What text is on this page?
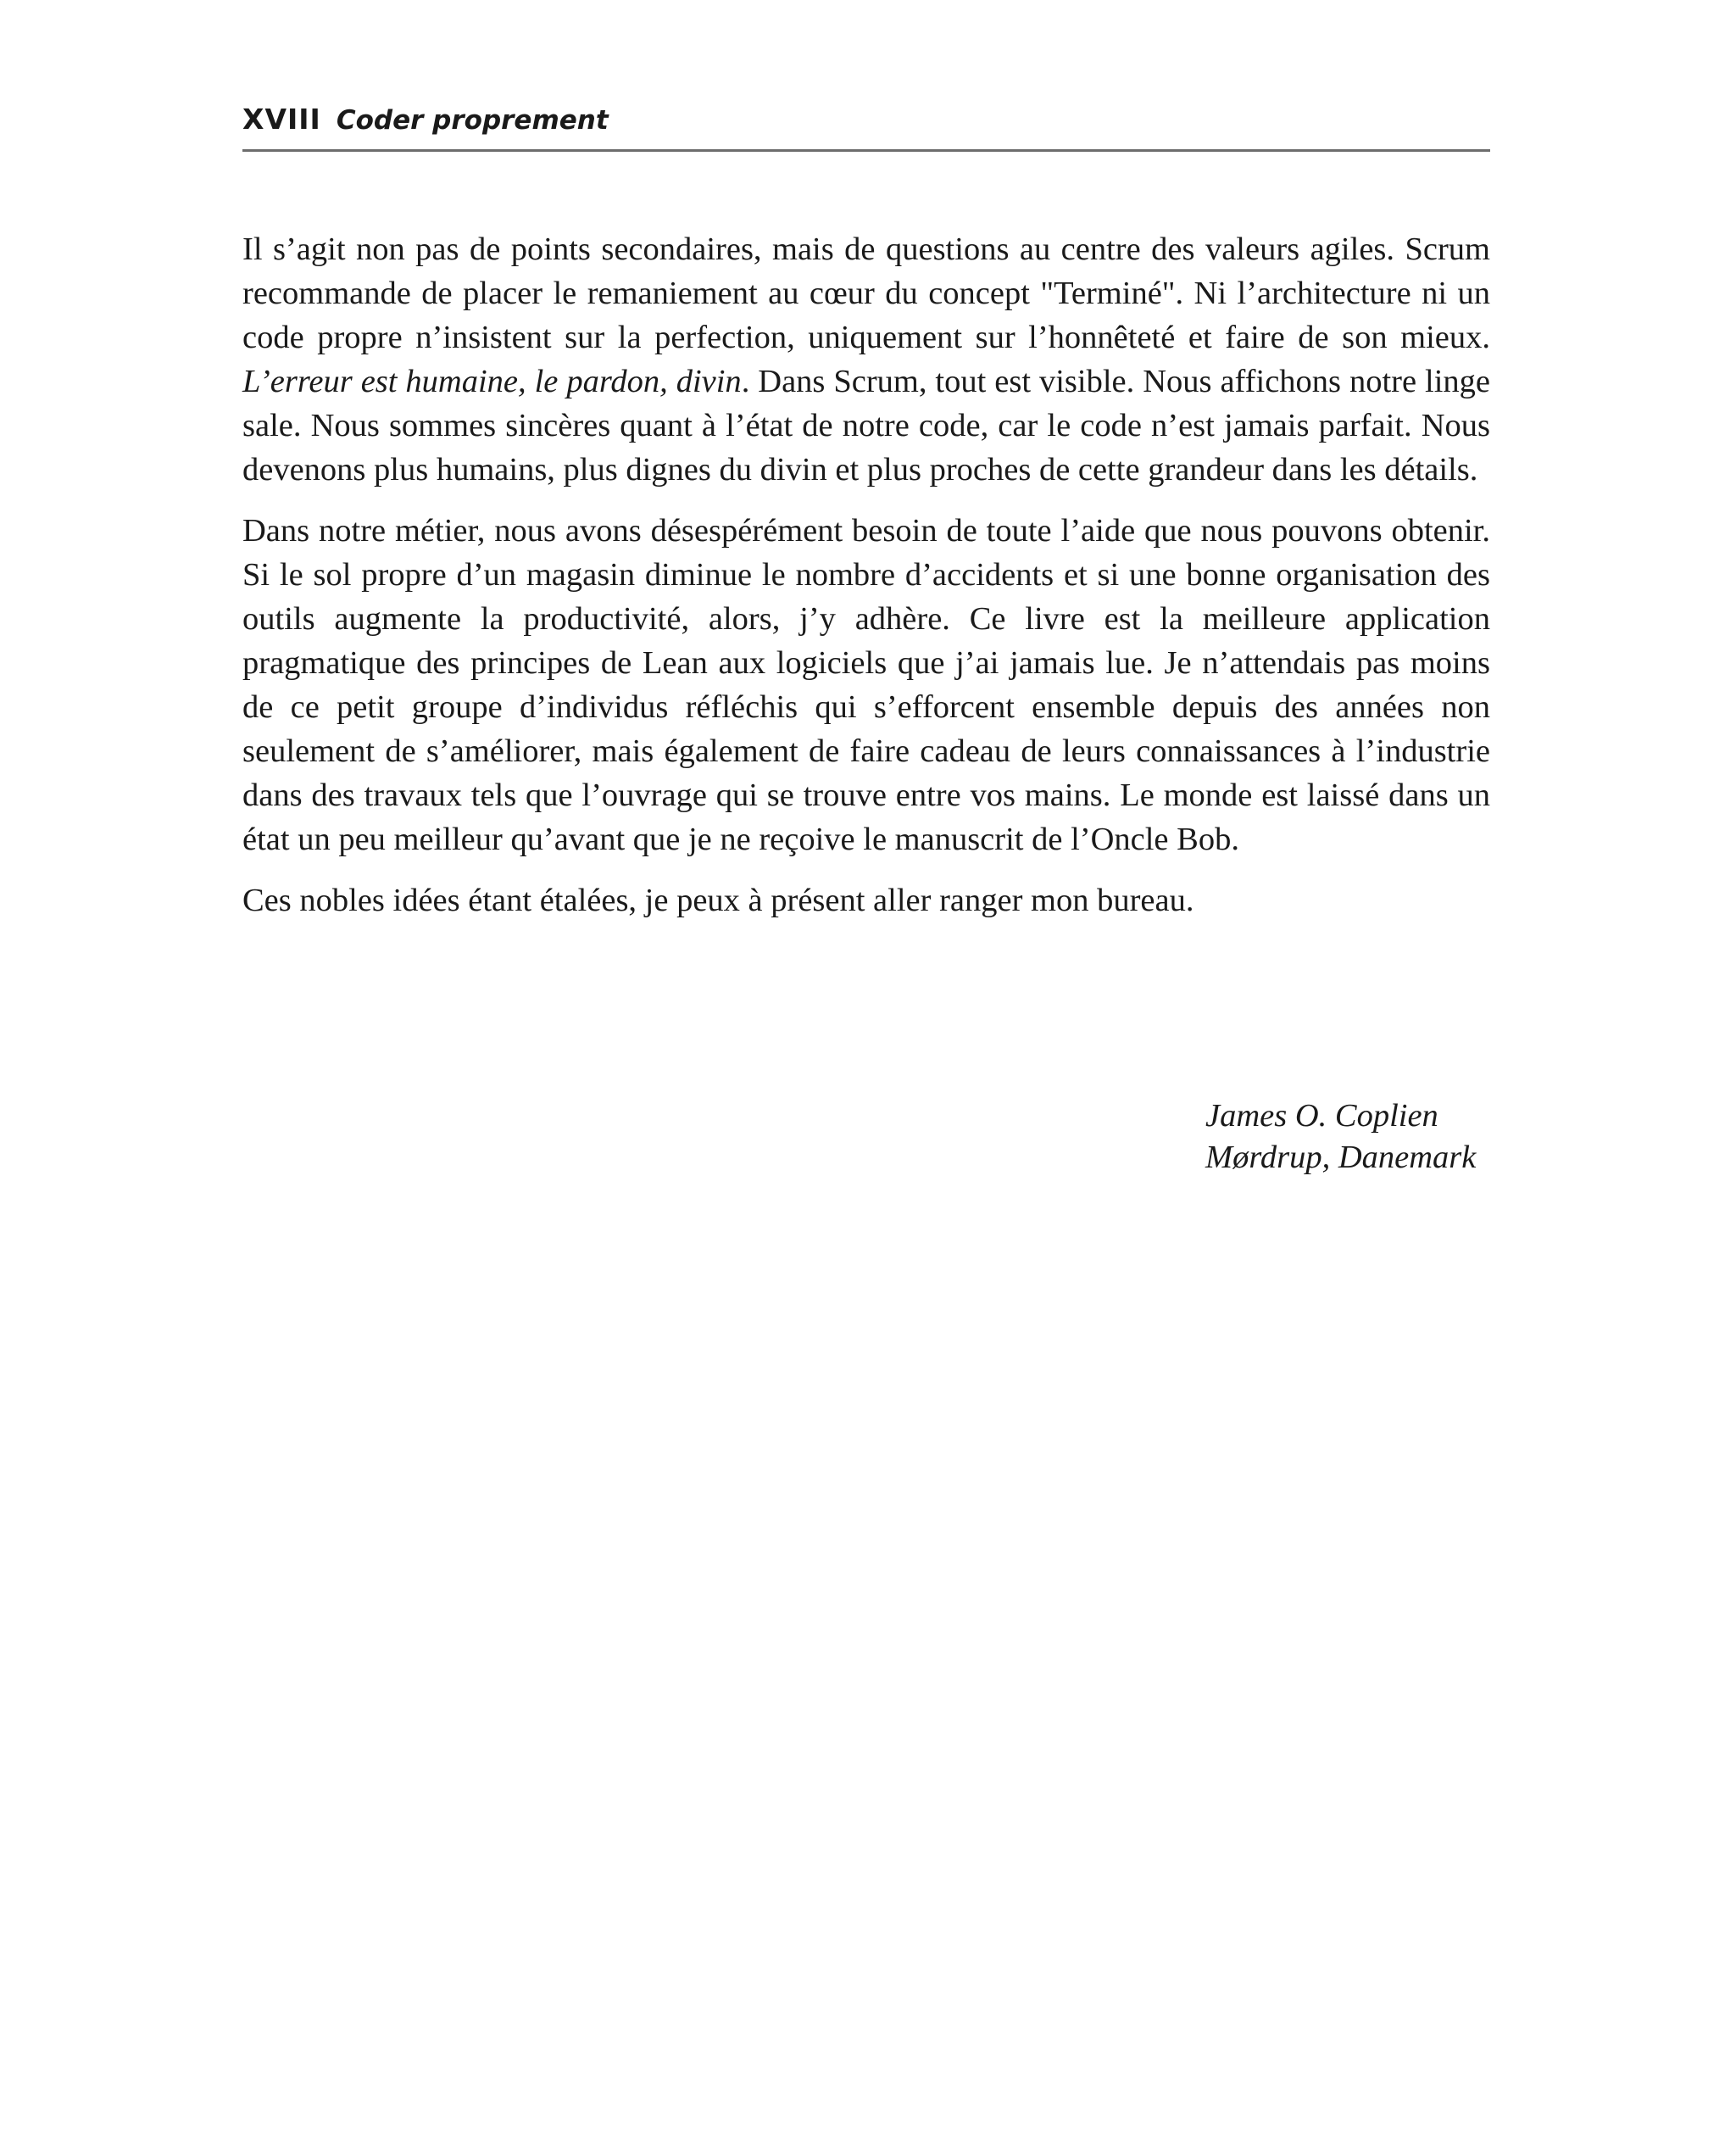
XVIII Coder proprement

Il s’agit non pas de points secondaires, mais de questions au centre des valeurs agiles. Scrum recommande de placer le remaniement au cœur du concept "Terminé". Ni l’architecture ni un code propre n’insistent sur la perfection, uniquement sur l’honnêteté et faire de son mieux. L’erreur est humaine, le pardon, divin. Dans Scrum, tout est visible. Nous affichons notre linge sale. Nous sommes sincères quant à l’état de notre code, car le code n’est jamais parfait. Nous devenons plus humains, plus dignes du divin et plus proches de cette grandeur dans les détails.

Dans notre métier, nous avons désespérément besoin de toute l’aide que nous pouvons obtenir. Si le sol propre d’un magasin diminue le nombre d’accidents et si une bonne organisation des outils augmente la productivité, alors, j’y adhère. Ce livre est la meilleure application pragmatique des principes de Lean aux logiciels que j’ai jamais lue. Je n’attendais pas moins de ce petit groupe d’individus réfléchis qui s’efforcent ensemble depuis des années non seulement de s’améliorer, mais également de faire cadeau de leurs connaissances à l’industrie dans des travaux tels que l’ouvrage qui se trouve entre vos mains. Le monde est laissé dans un état un peu meilleur qu’avant que je ne reçoive le manuscrit de l’Oncle Bob.

Ces nobles idées étant étalées, je peux à présent aller ranger mon bureau.

James O. Coplien
Mørdrup, Danemark
